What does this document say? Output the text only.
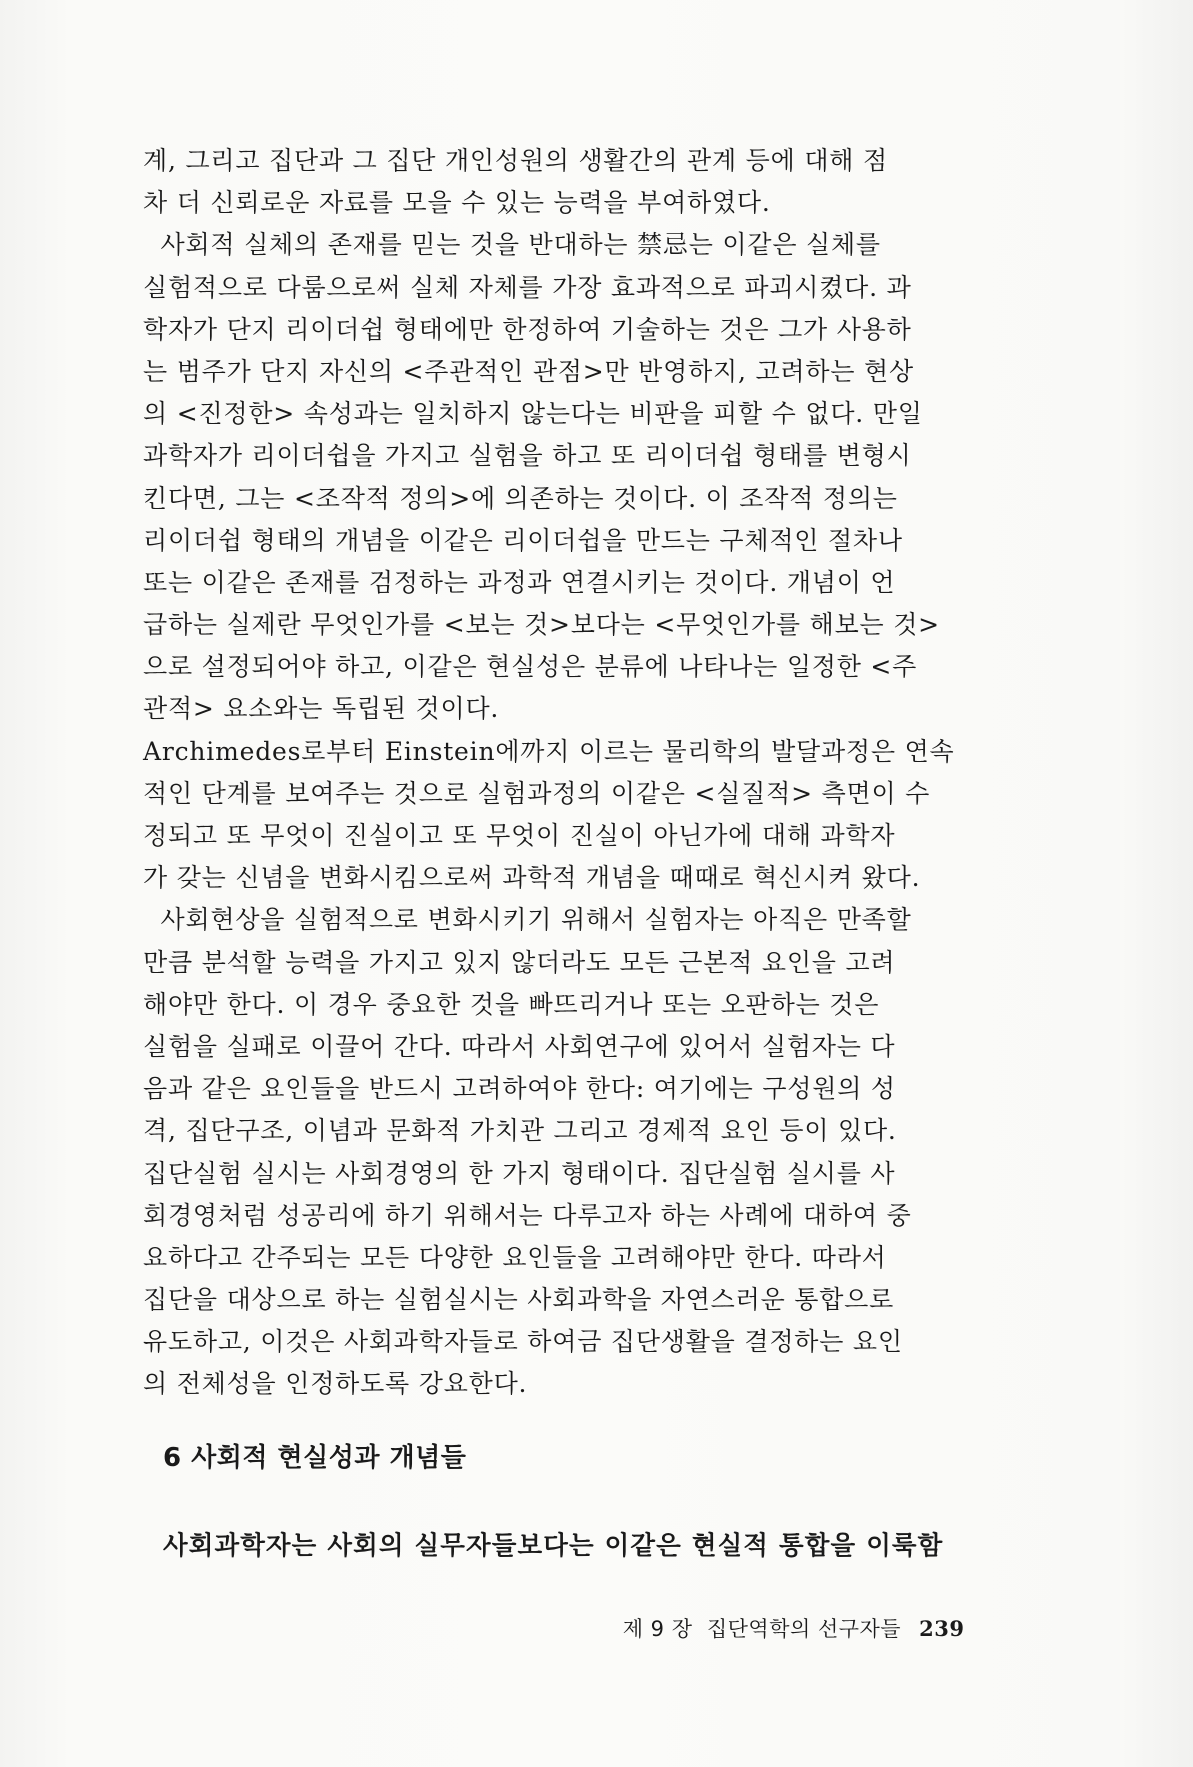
계, 그리고 집단과 그 집단 개인성원의 생활간의 관계 등에 대해 점
차 더 신뢰로운 자료를 모을 수 있는 능력을 부여하였다.
사회적 실체의 존재를 믿는 것을 반대하는 禁忌는 이같은 실체를
실험적으로 다룸으로써 실체 자체를 가장 효과적으로 파괴시켰다. 과
학자가 단지 리이더쉽 형태에만 한정하여 기술하는 것은 그가 사용하
는 범주가 단지 자신의 <주관적인 관점>만 반영하지, 고려하는 현상
의 <진정한> 속성과는 일치하지 않는다는 비판을 피할 수 없다. 만일
과학자가 리이더쉽을 가지고 실험을 하고 또 리이더쉽 형태를 변형시
킨다면, 그는 <조작적 정의>에 의존하는 것이다. 이 조작적 정의는
리이더쉽 형태의 개념을 이같은 리이더쉽을 만드는 구체적인 절차나
또는 이같은 존재를 검정하는 과정과 연결시키는 것이다. 개념이 언
급하는 실제란 무엇인가를 <보는 것>보다는 <무엇인가를 해보는 것>
으로 설정되어야 하고, 이같은 현실성은 분류에 나타나는 일정한 <주
관적> 요소와는 독립된 것이다.
Archimedes로부터 Einstein에까지 이르는 물리학의 발달과정은 연속
적인 단계를 보여주는 것으로 실험과정의 이같은 <실질적> 측면이 수
정되고 또 무엇이 진실이고 또 무엇이 진실이 아닌가에 대해 과학자
가 갖는 신념을 변화시킴으로써 과학적 개념을 때때로 혁신시켜 왔다.
사회현상을 실험적으로 변화시키기 위해서 실험자는 아직은 만족할
만큼 분석할 능력을 가지고 있지 않더라도 모든 근본적 요인을 고려
해야만 한다. 이 경우 중요한 것을 빠뜨리거나 또는 오판하는 것은
실험을 실패로 이끌어 간다. 따라서 사회연구에 있어서 실험자는 다
음과 같은 요인들을 반드시 고려하여야 한다: 여기에는 구성원의 성
격, 집단구조, 이념과 문화적 가치관 그리고 경제적 요인 등이 있다.
집단실험 실시는 사회경영의 한 가지 형태이다. 집단실험 실시를 사
회경영처럼 성공리에 하기 위해서는 다루고자 하는 사례에 대하여 중
요하다고 간주되는 모든 다양한 요인들을 고려해야만 한다. 따라서
집단을 대상으로 하는 실험실시는 사회과학을 자연스러운 통합으로
유도하고, 이것은 사회과학자들로 하여금 집단생활을 결정하는 요인
의 전체성을 인정하도록 강요한다.
6 사회적 현실성과 개념들
사회과학자는 사회의 실무자들보다는 이같은 현실적 통합을 이룩함

제 9 장  집단역학의 선구자들 239
